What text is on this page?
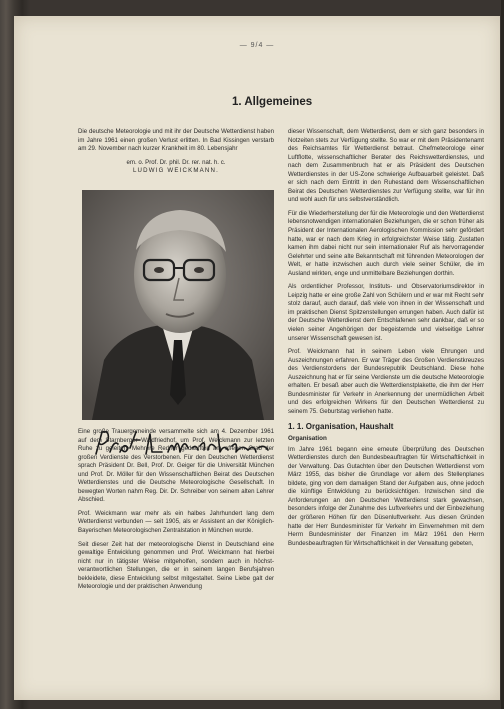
— 9/4 —
1. Allgemeines

Die deutsche Meteorologie und mit ihr der Deutsche Wetterdienst haben im Jahre 1961 einen großen Verlust erlitten. In Bad Kissingen verstarb am 29. November nach kurzer Krankheit im 80. Lebensjahr

em. o. Prof. Dr. phil. Dr. rer. nat. h. c.

LUDWIG WEICKMANN.

Eine große Trauergemeinde versammelte sich am 4. Dezember 1961 auf dem Starnberger Waldfriedhof, um Prof. Weickmann zur letzten Ruhe zu geleiten. Mehrere Redner gedachten am offenen Grab der großen Verdienste des Verstorbenen. Für den Deutschen Wetterdienst sprach Präsident Dr. Bell, Prof. Dr. Geiger für die Universität München und Prof. Dr. Möller für den Wissenschaftlichen Beirat des Deutschen Wetterdienstes und die Deutsche Meteorologische Gesellschaft. In bewegten Worten nahm Reg. Dir. Dr. Schreiber von seinem alten Lehrer Abschied.

Prof. Weickmann war mehr als ein halbes Jahrhundert lang dem Wetterdienst verbunden — seit 1905, als er Assistent an der Königlich-Bayerischen Meteorologischen Zentralstation in München wurde.

Seit dieser Zeit hat der meteorologische Dienst in Deutschland eine gewaltige Entwicklung genommen und Prof. Weickmann hat hierbei nicht nur in tätigster Weise mitgeholfen, sondern auch in höchst-verantwortlichen Stellungen, die er in seinem langen Berufsjahren bekleidete, diese Entwicklung selbst mitgestaltet. Seine Liebe galt der Meteorologie und der praktischen Anwendung

dieser Wissenschaft, dem Wetterdienst, dem er sich ganz besonders in Notzeiten stets zur Verfügung stellte. So war er mit dem Präsidentenamt des Reichsamtes für Wetterdienst betraut. Chefmeteorologe einer Luftflotte, wissenschaftlicher Berater des Reichswetterdienstes, und nach dem Zusammenbruch hat er als Präsident des Deutschen Wetterdienstes in der US-Zone schwierige Aufbauarbeit geleistet. Daß er sich nach dem Eintritt in den Ruhestand dem Wissenschaftlichen Beirat des Deutschen Wetterdienstes zur Verfügung stellte, war für ihn und wohl auch für uns selbstverständlich.

Für die Wiederherstellung der für die Meteorologie und den Wetterdienst lebensnotwendigen internationalen Beziehungen, die er schon früher als Präsident der Internationalen Aerologischen Kommission sehr gefördert hatte, war er nach dem Krieg in erfolgreichster Weise tätig. Zustatten kamen ihm dabei nicht nur sein internationaler Ruf als hervorragender Gelehrter und seine alte Bekanntschaft mit führenden Meteorologen der Welt, er hatte inzwischen auch durch viele seiner Schüler, die im Ausland wirkten, enge und unmittelbare Beziehungen dorthin.

Als ordentlicher Professor, Instituts- und Observatoriumsdirektor in Leipzig hatte er eine große Zahl von Schülern und er war mit Recht sehr stolz darauf, auch darauf, daß viele von ihnen in der Wissenschaft und im praktischen Dienst Spitzenstellungen errungen haben. Auch dafür ist der Deutsche Wetterdienst dem Entschlafenen sehr dankbar, daß er so vielen seiner Angehörigen der begeisternde und vielseitige Lehrer unserer Wissenschaft gewesen ist.

Prof. Weickmann hat in seinem Leben viele Ehrungen und Auszeichnungen erfahren. Er war Träger des Großen Verdienstkreuzes des Verdienstordens der Bundesrepublik Deutschland. Diese hohe Auszeichnung hat er für seine Verdienste um die deutsche Meteorologie erhalten. Er besaß aber auch die Wetterdienstplakette, die ihm der Herr Bundesminister für Verkehr in Anerkennung der unermüdlichen Arbeit und des erfolgreichen Wirkens für den Deutschen Wetterdienst zu seinem 75. Geburtstag verliehen hatte.

1. 1. Organisation, Haushalt
Organisation

Im Jahre 1961 begann eine erneute Überprüfung des Deutschen Wetterdienstes durch den Bundesbeauftragten für Wirtschaftlichkeit in der Verwaltung. Das Gutachten über den Deutschen Wetterdienst vom März 1955, das bisher die Grundlage vor allem des Stellenplanes bildete, ging von dem damaligen Stand der Aufgaben aus, ohne jedoch die künftige Entwicklung zu berücksichtigen. Inzwischen sind die Anforderungen an den Deutschen Wetterdienst stark gewachsen, besonders infolge der Zunahme des Luftverkehrs und der Einbeziehung der größeren Höhen für den Düsenluftverkehr. Aus diesen Gründen hatte der Herr Bundesminister für Verkehr im Einvernehmen mit dem Herrn Bundesminister der Finanzen im März 1961 den Herrn Bundesbeauftragten für Wirtschaftlichkeit in der Verwaltung gebeten,
